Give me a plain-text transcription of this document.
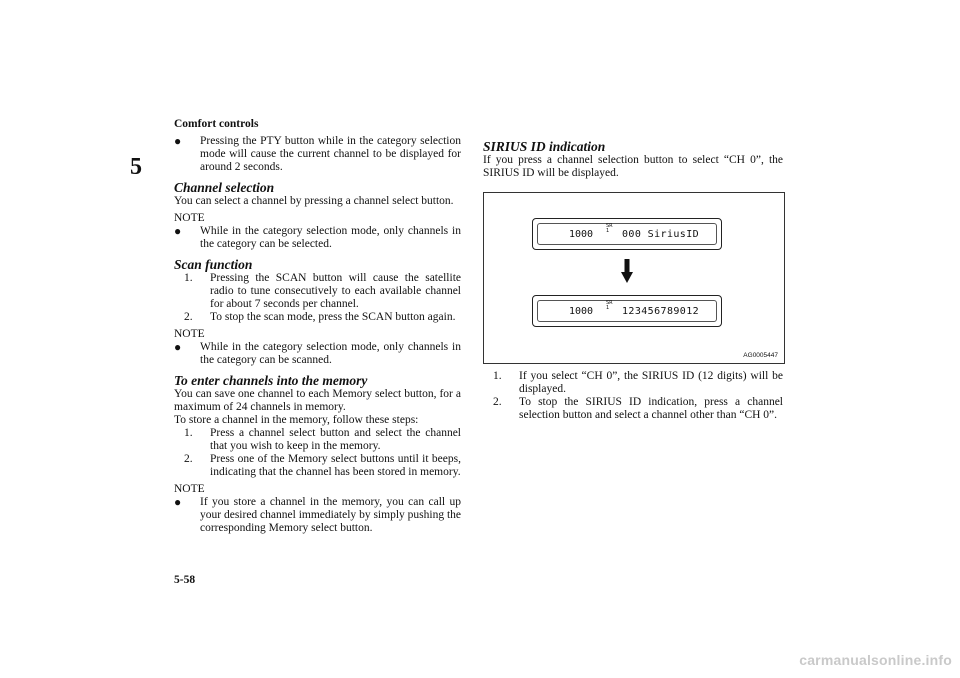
Comfort controls
5
● Pressing the PTY button while in the category selection mode will cause the current channel to be displayed for around 2 seconds.
Channel selection

You can select a channel by pressing a channel select button.

NOTE
● While in the category selection mode, only channels in the category can be selected.
Scan function
1. Pressing the SCAN button will cause the satellite radio to tune consecutively to each available channel for about 7 seconds per channel.
2. To stop the scan mode, press the SCAN button again.
NOTE
● While in the category selection mode, only channels in the category can be scanned.
To enter channels into the memory

You can save one channel to each Memory select button, for a maximum of 24 channels in memory.

To store a channel in the memory, follow these steps:

1. Press a channel select button and select the channel that you wish to keep in the memory.
2. Press one of the Memory select buttons until it beeps, indicating that the channel has been stored in memory.
NOTE
● If you store a channel in the memory, you can call up your desired channel immediately by simply pushing the corresponding Memory select button.
SIRIUS ID indication

If you press a channel selection button to select “CH 0”, the SIRIUS ID will be displayed.

1000
SR
1	000 SiriusID
1000
SR
1	123456789012
AG0005447
1. If you select “CH 0”, the SIRIUS ID (12 digits) will be displayed.
2. To stop the SIRIUS ID indication, press a channel selection button and select a channel other than “CH 0”.
5-58
carmanualsonline.info
